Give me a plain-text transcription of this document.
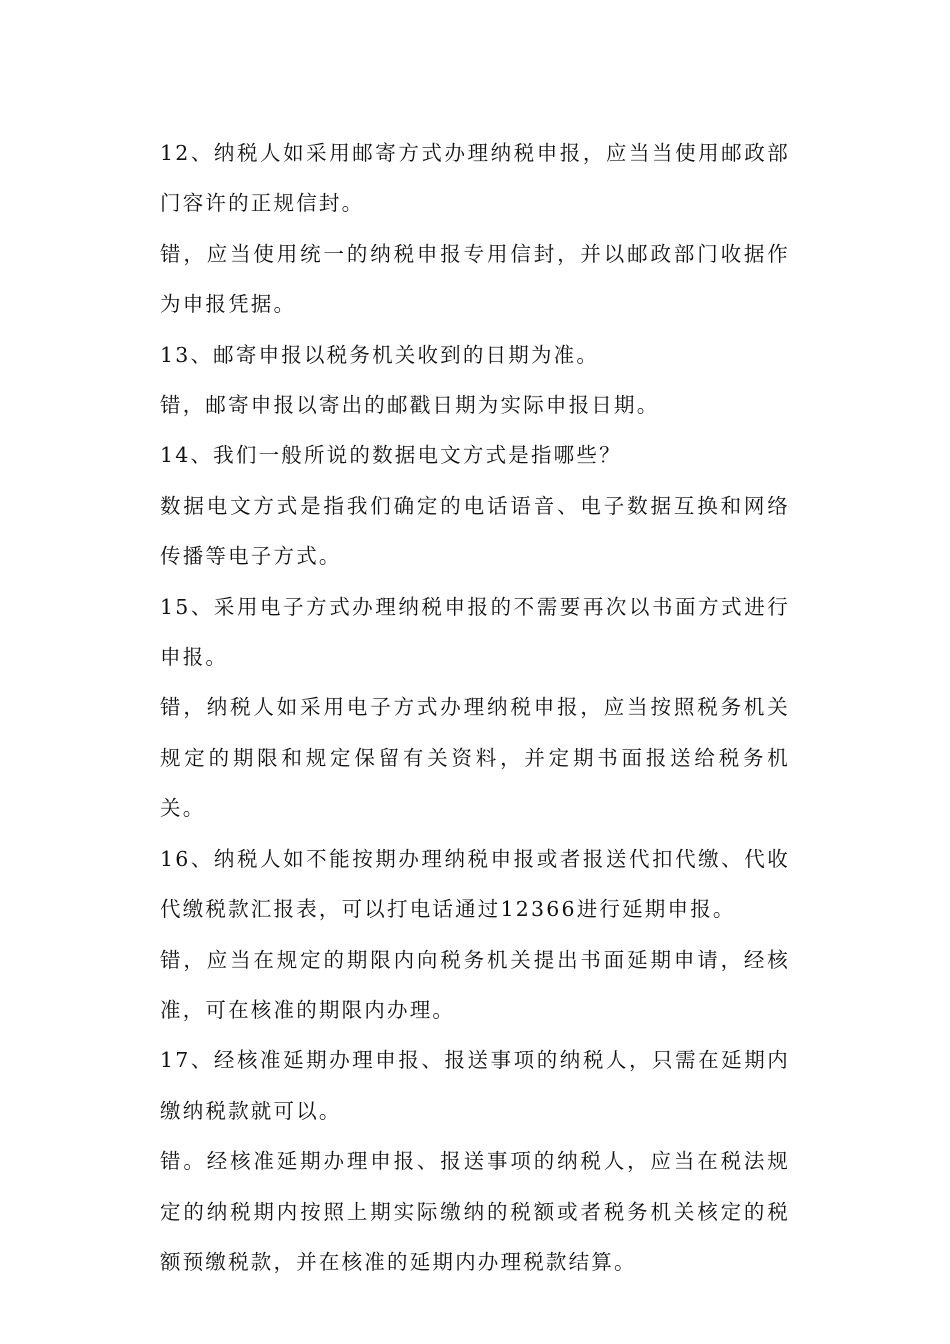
12、纳税人如采用邮寄方式办理纳税申报，应当当使用邮政部门容许的正规信封。

错，应当使用统一的纳税申报专用信封，并以邮政部门收据作为申报凭据。

13、邮寄申报以税务机关收到的日期为准。

错，邮寄申报以寄出的邮戳日期为实际申报日期。

14、我们一般所说的数据电文方式是指哪些？

数据电文方式是指我们确定的电话语音、电子数据互换和网络传播等电子方式。

15、采用电子方式办理纳税申报的不需要再次以书面方式进行申报。

错，纳税人如采用电子方式办理纳税申报，应当按照税务机关规定的期限和规定保留有关资料，并定期书面报送给税务机关。

16、纳税人如不能按期办理纳税申报或者报送代扣代缴、代收代缴税款汇报表，可以打电话通过12366进行延期申报。

错，应当在规定的期限内向税务机关提出书面延期申请，经核准，可在核准的期限内办理。

17、经核准延期办理申报、报送事项的纳税人，只需在延期内缴纳税款就可以。

错。经核准延期办理申报、报送事项的纳税人，应当在税法规定的纳税期内按照上期实际缴纳的税额或者税务机关核定的税额预缴税款，并在核准的延期内办理税款结算。
